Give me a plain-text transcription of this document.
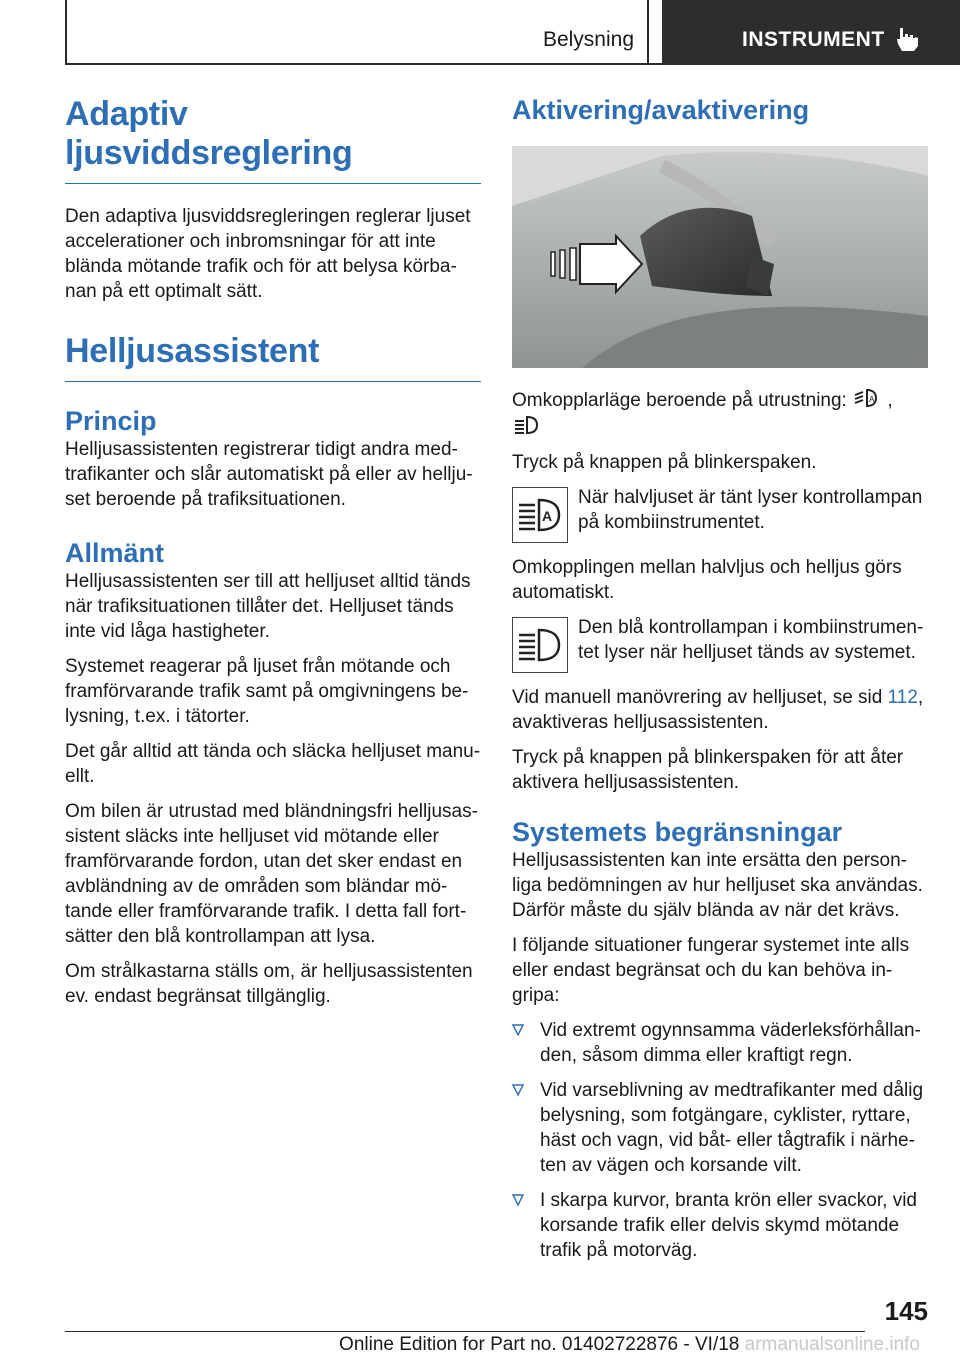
Belysning	INSTRUMENT
Adaptiv ljusviddsreglering

Den adaptiva ljusviddsregleringen reglerar ljuset accelerationer och inbromsningar för att inte blända mötande trafik och för att belysa körba-nan på ett optimalt sätt.

Helljusassistent
Princip

Helljusassistenten registrerar tidigt andra med-trafikanter och slår automatiskt på eller av hellju-set beroende på trafiksituationen.

Allmänt

Helljusassistenten ser till att helljuset alltid tänds när trafiksituationen tillåter det. Helljuset tänds inte vid låga hastigheter.

Systemet reagerar på ljuset från mötande och framförvarande trafik samt på omgivningens be-lysning, t.ex. i tätorter.

Det går alltid att tända och släcka helljuset manu-ellt.

Om bilen är utrustad med bländningsfri helljusas-sistent släcks inte helljuset vid mötande eller framförvarande fordon, utan det sker endast en avbländning av de områden som bländar mö-tande eller framförvarande trafik. I detta fall fort-sätter den blå kontrollampan att lysa.

Om strålkastarna ställs om, är helljusassistenten ev. endast begränsat tillgänglig.

Aktivering/avaktivering

Omkopplarläge beroende på utrustning:	A ,

Tryck på knappen på blinkerspaken.

A
När halvljuset är tänt lyser kontrollampan på kombiinstrumentet.

Omkopplingen mellan halvljus och helljus görs automatiskt.

Den blå kontrollampan i kombiinstrumen-tet lyser när helljuset tänds av systemet.

Vid manuell manövrering av helljuset, se sid 112, avaktiveras helljusassistenten.

Tryck på knappen på blinkerspaken för att åter aktivera helljusassistenten.

Systemets begränsningar

Helljusassistenten kan inte ersätta den person-liga bedömningen av hur helljuset ska användas. Därför måste du själv blända av när det krävs.

I följande situationer fungerar systemet inte alls eller endast begränsat och du kan behöva in-gripa:

Vid extremt ogynnsamma väderleksförhållan-den, såsom dimma eller kraftigt regn.
Vid varseblivning av medtrafikanter med dålig belysning, som fotgängare, cyklister, ryttare, häst och vagn, vid båt- eller tågtrafik i närhe-ten av vägen och korsande vilt.
I skarpa kurvor, branta krön eller svackor, vid korsande trafik eller delvis skymd mötande trafik på motorväg.
145
Online Edition for Part no. 01402722876 - VI/18 armanualsonline.info
